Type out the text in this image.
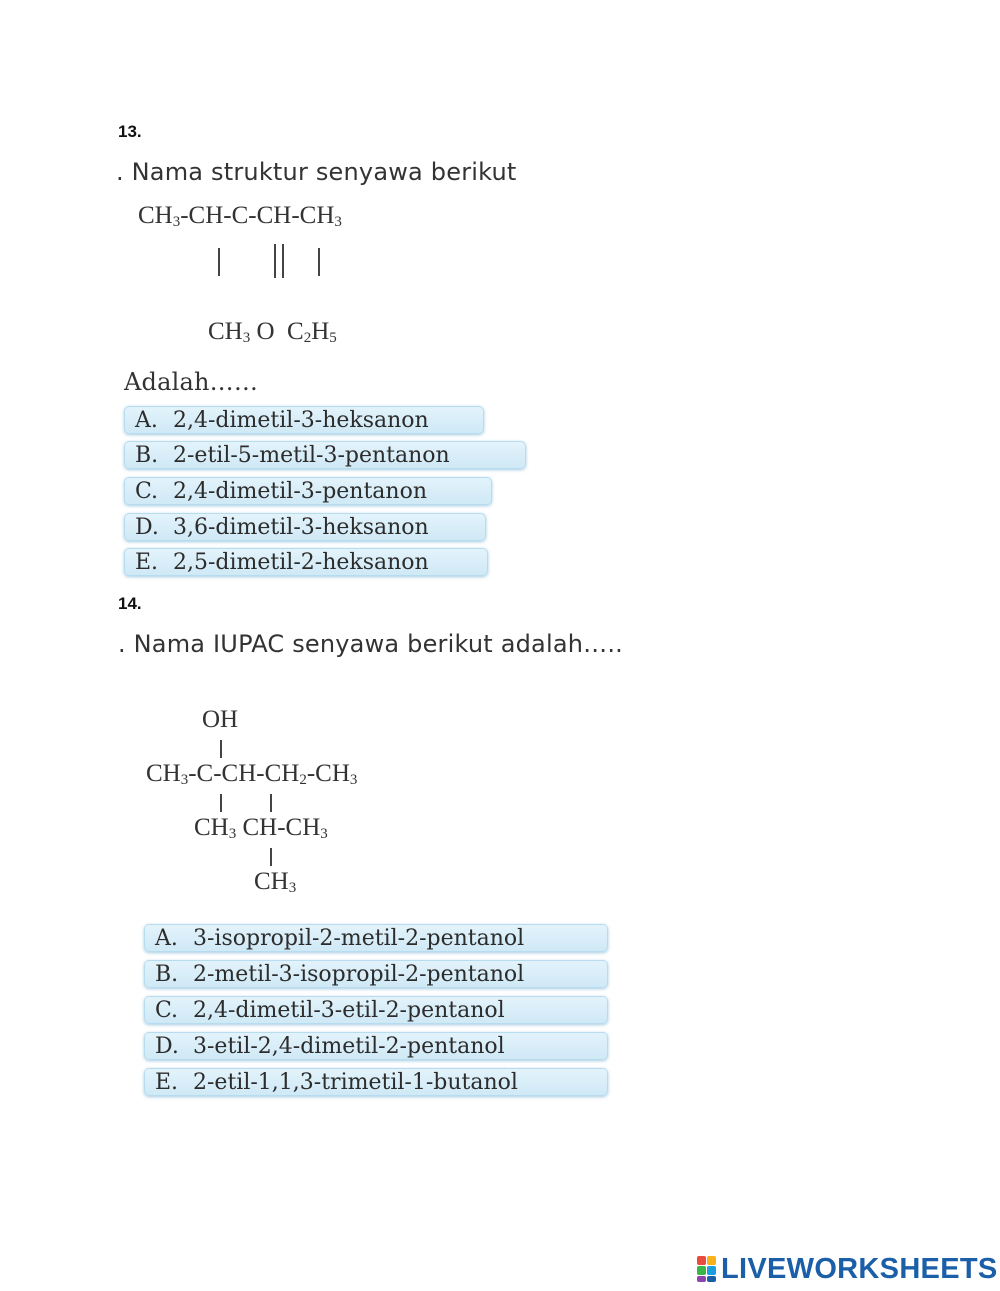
13.
. Nama struktur senyawa berikut
$CH_3-CH-C-CH-CH_3$
$CH_3$ O  $C_2H_5$
Adalah……
A. 2,4-dimetil-3-heksanon
B. 2-etil-5-metil-3-pentanon
C. 2,4-dimetil-3-pentanon
D. 3,6-dimetil-3-heksanon
E. 2,5-dimetil-2-heksanon
14.
. Nama IUPAC senyawa berikut adalah…..
OH
$CH_3-C-CH-CH_2-CH_3$
$CH_3$ $CH-CH_3$
$CH_3$
A. 3-isopropil-2-metil-2-pentanol
B. 2-metil-3-isopropil-2-pentanol
C. 2,4-dimetil-3-etil-2-pentanol
D. 3-etil-2,4-dimetil-2-pentanol
E. 2-etil-1,1,3-trimetil-1-butanol
LIVEWORKSHEETS
